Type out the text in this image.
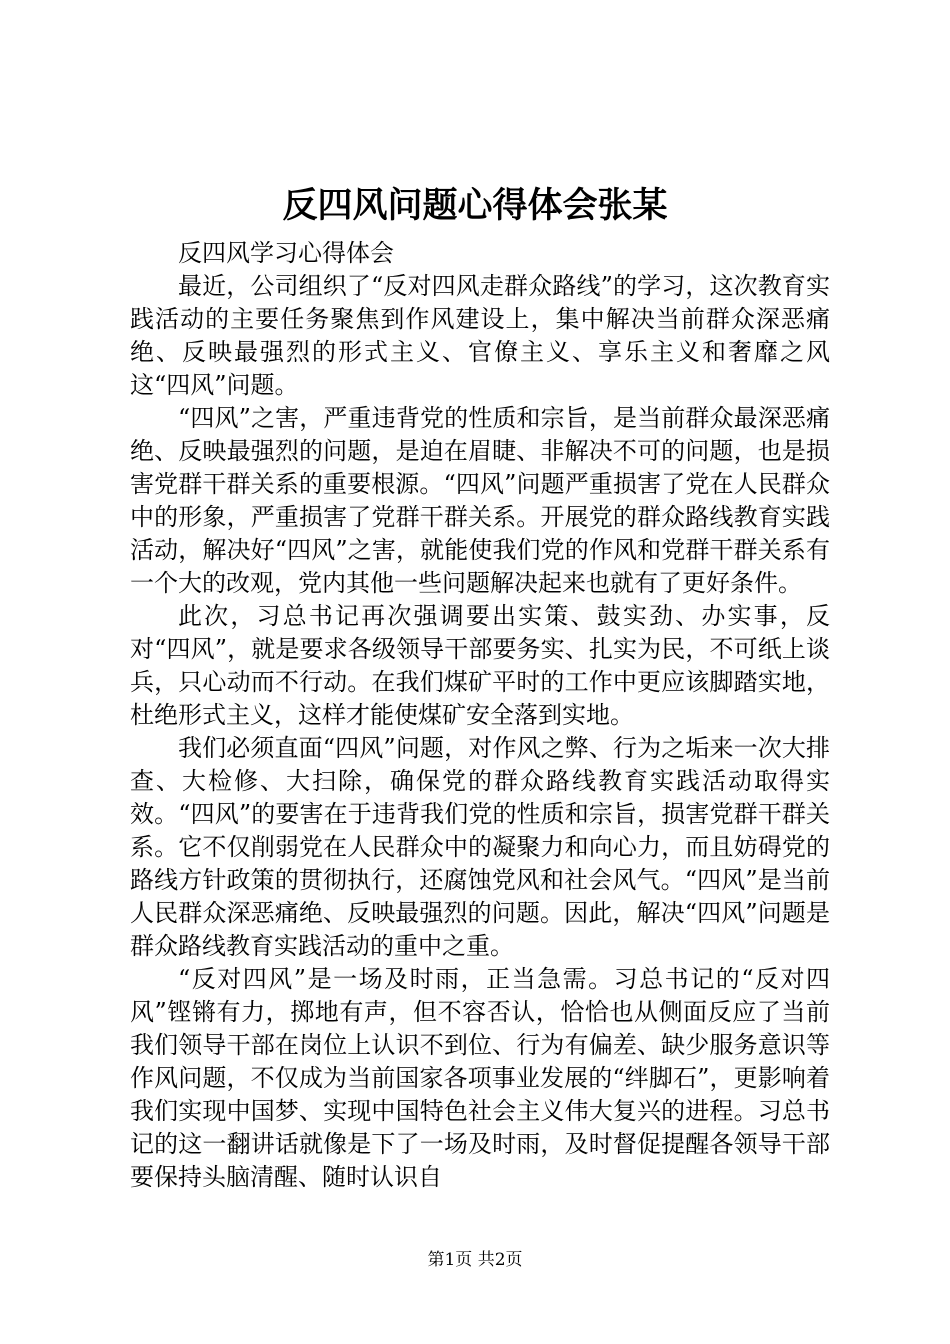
反四风问题心得体会张某

反四风学习心得体会

最近，公司组织了“反对四风走群众路线”的学习，这次教育实践活动的主要任务聚焦到作风建设上，集中解决当前群众深恶痛绝、反映最强烈的形式主义、官僚主义、享乐主义和奢靡之风这“四风”问题。

“四风”之害，严重违背党的性质和宗旨，是当前群众最深恶痛绝、反映最强烈的问题，是迫在眉睫、非解决不可的问题，也是损害党群干群关系的重要根源。“四风”问题严重损害了党在人民群众中的形象，严重损害了党群干群关系。开展党的群众路线教育实践活动，解决好“四风”之害，就能使我们党的作风和党群干群关系有一个大的改观，党内其他一些问题解决起来也就有了更好条件。

此次，习总书记再次强调要出实策、鼓实劲、办实事，反对“四风”，就是要求各级领导干部要务实、扎实为民，不可纸上谈兵，只心动而不行动。在我们煤矿平时的工作中更应该脚踏实地，杜绝形式主义，这样才能使煤矿安全落到实地。

我们必须直面“四风”问题，对作风之弊、行为之垢来一次大排查、大检修、大扫除，确保党的群众路线教育实践活动取得实效。“四风”的要害在于违背我们党的性质和宗旨，损害党群干群关系。它不仅削弱党在人民群众中的凝聚力和向心力，而且妨碍党的路线方针政策的贯彻执行，还腐蚀党风和社会风气。“四风”是当前人民群众深恶痛绝、反映最强烈的问题。因此，解决“四风”问题是群众路线教育实践活动的重中之重。

“反对四风”是一场及时雨，正当急需。习总书记的“反对四风”铿锵有力，掷地有声，但不容否认，恰恰也从侧面反应了当前我们领导干部在岗位上认识不到位、行为有偏差、缺少服务意识等作风问题，不仅成为当前国家各项事业发展的“绊脚石”，更影响着我们实现中国梦、实现中国特色社会主义伟大复兴的进程。习总书记的这一翻讲话就像是下了一场及时雨，及时督促提醒各领导干部要保持头脑清醒、随时认识自

第1页 共2页
